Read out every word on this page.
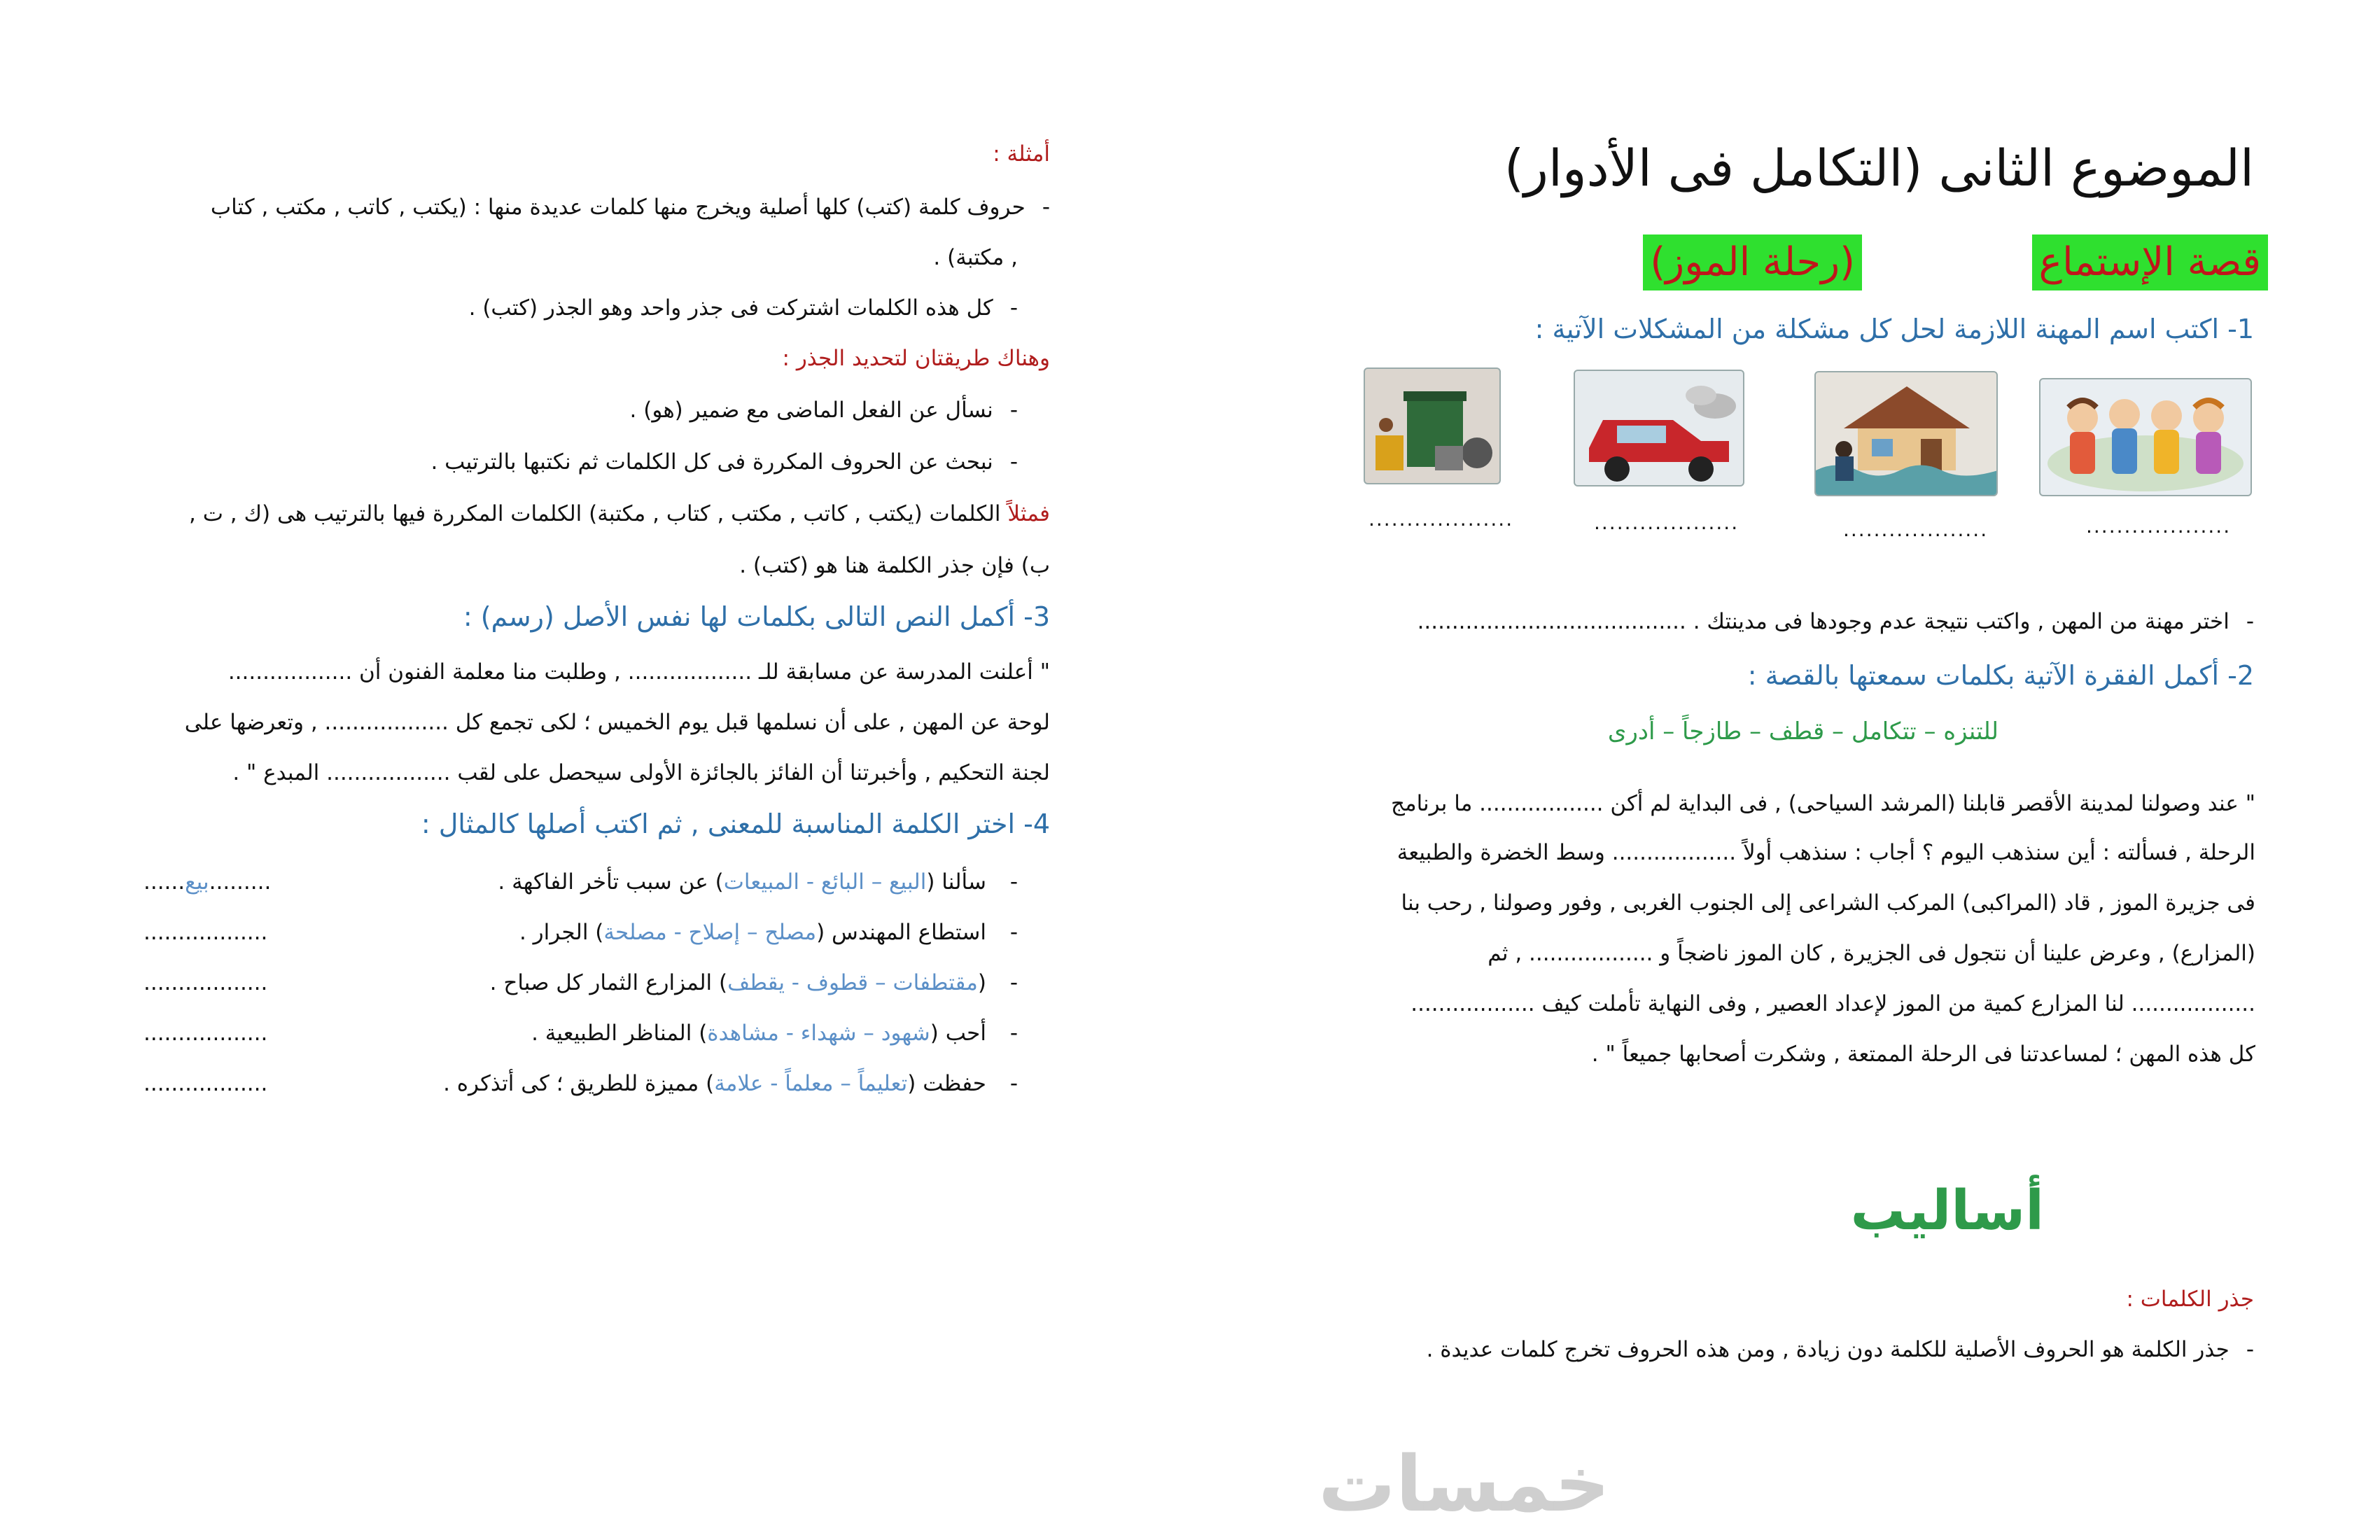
الموضوع الثانى (التكامل فى الأدوار)
قصة الإستماع
(رحلة الموز)
1- اكتب اسم المهنة اللازمة لحل كل مشكلة من المشكلات الآتية :
...................
...................
...................
...................
- اختر مهنة من المهن , واكتب نتيجة عدم وجودها فى مدينتك . .......................................
2- أكمل الفقرة الآتية بكلمات سمعتها بالقصة :
للتنزه – تتكامل – قطف – طازجاً – أدرى
" عند وصولنا لمدينة الأقصر قابلنا (المرشد السياحى) , فى البداية لم أكن .................. ما برنامج
الرحلة , فسألته : أين سنذهب اليوم ؟ أجاب : سنذهب أولاً .................. وسط الخضرة والطبيعة
فى جزيرة الموز , قاد (المراكبى) المركب الشراعى إلى الجنوب الغربى , وفور وصولنا , رحب بنا
(المزارع) , وعرض علينا أن نتجول فى الجزيرة , كان الموز ناضجاً و .................. , ثم
.................. لنا المزارع كمية من الموز لإعداد العصير , وفى النهاية تأملت كيف ..................
كل هذه المهن ؛ لمساعدتنا فى الرحلة الممتعة , وشكرت أصحابها جميعاً " .
أساليب
جذر الكلمات :
- جذر الكلمة هو الحروف الأصلية للكلمة دون زيادة , ومن هذه الحروف تخرج كلمات عديدة .
خمسات
أمثلة :
- حروف كلمة (كتب) كلها أصلية ويخرج منها كلمات عديدة منها : (يكتب , كاتب , مكتب , كتاب
, مكتبة) .
- كل هذه الكلمات اشتركت فى جذر واحد وهو الجذر (كتب) .
وهناك طريقتان لتحديد الجذر :
- نسأل عن الفعل الماضى مع ضمير (هو) .
- نبحث عن الحروف المكررة فى كل الكلمات ثم نكتبها بالترتيب .
فمثلاً الكلمات (يكتب , كاتب , مكتب , كتاب , مكتبة) الكلمات المكررة فيها بالترتيب هى (ك , ت ,
ب) فإن جذر الكلمة هنا هو (كتب) .
3- أكمل النص التالى بكلمات لها نفس الأصل (رسم) :
" أعلنت المدرسة عن مسابقة للـ .................. , وطلبت منا معلمة الفنون أن ..................
لوحة عن المهن , على أن نسلمها قبل يوم الخميس ؛ لكى تجمع كل .................. , وتعرضها على
لجنة التحكيم , وأخبرتنا أن الفائز بالجائزة الأولى سيحصل على لقب .................. المبدع " .
4- اختر الكلمة المناسبة للمعنى , ثم اكتب أصلها كالمثال :
- سألنا (البيع – البائع - المبيعات) عن سبب تأخر الفاكهة .
......بيع.........
- استطاع المهندس (مصلح – إصلاح - مصلحة) الجرار .
..................
- (مقتطفات – قطوف - يقطف) المزارع الثمار كل صباح .
..................
- أحب (شهود – شهداء - مشاهدة) المناظر الطبيعية .
..................
- حفظت (تعليماً – معلماً - علامة) مميزة للطريق ؛ كى أتذكره .
..................
